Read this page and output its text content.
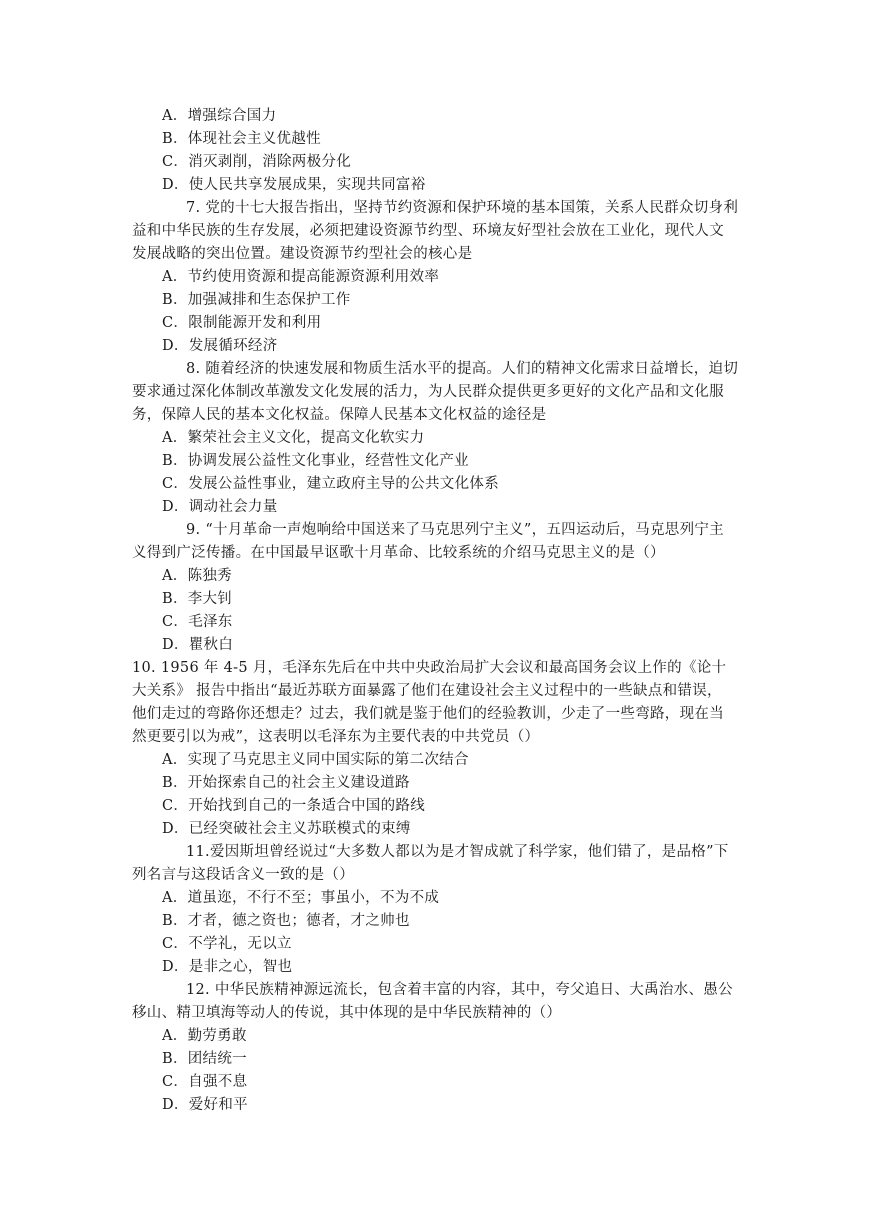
A．增强综合国力
B．体现社会主义优越性
C．消灭剥削，消除两极分化
D．使人民共享发展成果，实现共同富裕
7. 党的十七大报告指出，坚持节约资源和保护环境的基本国策，关系人民群众切身利
益和中华民族的生存发展，必须把建设资源节约型、环境友好型社会放在工业化，现代人文
发展战略的突出位置。建设资源节约型社会的核心是
A．节约使用资源和提高能源资源利用效率
B．加强减排和生态保护工作
C．限制能源开发和利用
D．发展循环经济
8. 随着经济的快速发展和物质生活水平的提高。人们的精神文化需求日益增长，迫切
要求通过深化体制改革激发文化发展的活力，为人民群众提供更多更好的文化产品和文化服
务，保障人民的基本文化权益。保障人民基本文化权益的途径是
A．繁荣社会主义文化，提高文化软实力
B．协调发展公益性文化事业，经营性文化产业
C．发展公益性事业，建立政府主导的公共文化体系
D．调动社会力量
9. “十月革命一声炮响给中国送来了马克思列宁主义”，五四运动后，马克思列宁主
义得到广泛传播。在中国最早讴歌十月革命、比较系统的介绍马克思主义的是（）
A．陈独秀
B．李大钊
C．毛泽东
D．瞿秋白
10. 1956 年 4-5 月，毛泽东先后在中共中央政治局扩大会议和最高国务会议上作的《论十
大关系》 报告中指出“最近苏联方面暴露了他们在建设社会主义过程中的一些缺点和错误，
他们走过的弯路你还想走？过去，我们就是鉴于他们的经验教训，少走了一些弯路，现在当
然更要引以为戒”，这表明以毛泽东为主要代表的中共党员（）
A．实现了马克思主义同中国实际的第二次结合
B．开始探索自己的社会主义建设道路
C．开始找到自己的一条适合中国的路线
D．已经突破社会主义苏联模式的束缚
11.爱因斯坦曾经说过“大多数人都以为是才智成就了科学家，他们错了，是品格”下
列名言与这段话含义一致的是（）
A．道虽迩，不行不至；事虽小，不为不成
B．才者，德之资也；德者，才之帅也
C．不学礼，无以立
D．是非之心，智也
12. 中华民族精神源远流长，包含着丰富的内容，其中，夸父追日、大禹治水、愚公
移山、精卫填海等动人的传说，其中体现的是中华民族精神的（）
A．勤劳勇敢
B．团结统一
C．自强不息
D．爱好和平
